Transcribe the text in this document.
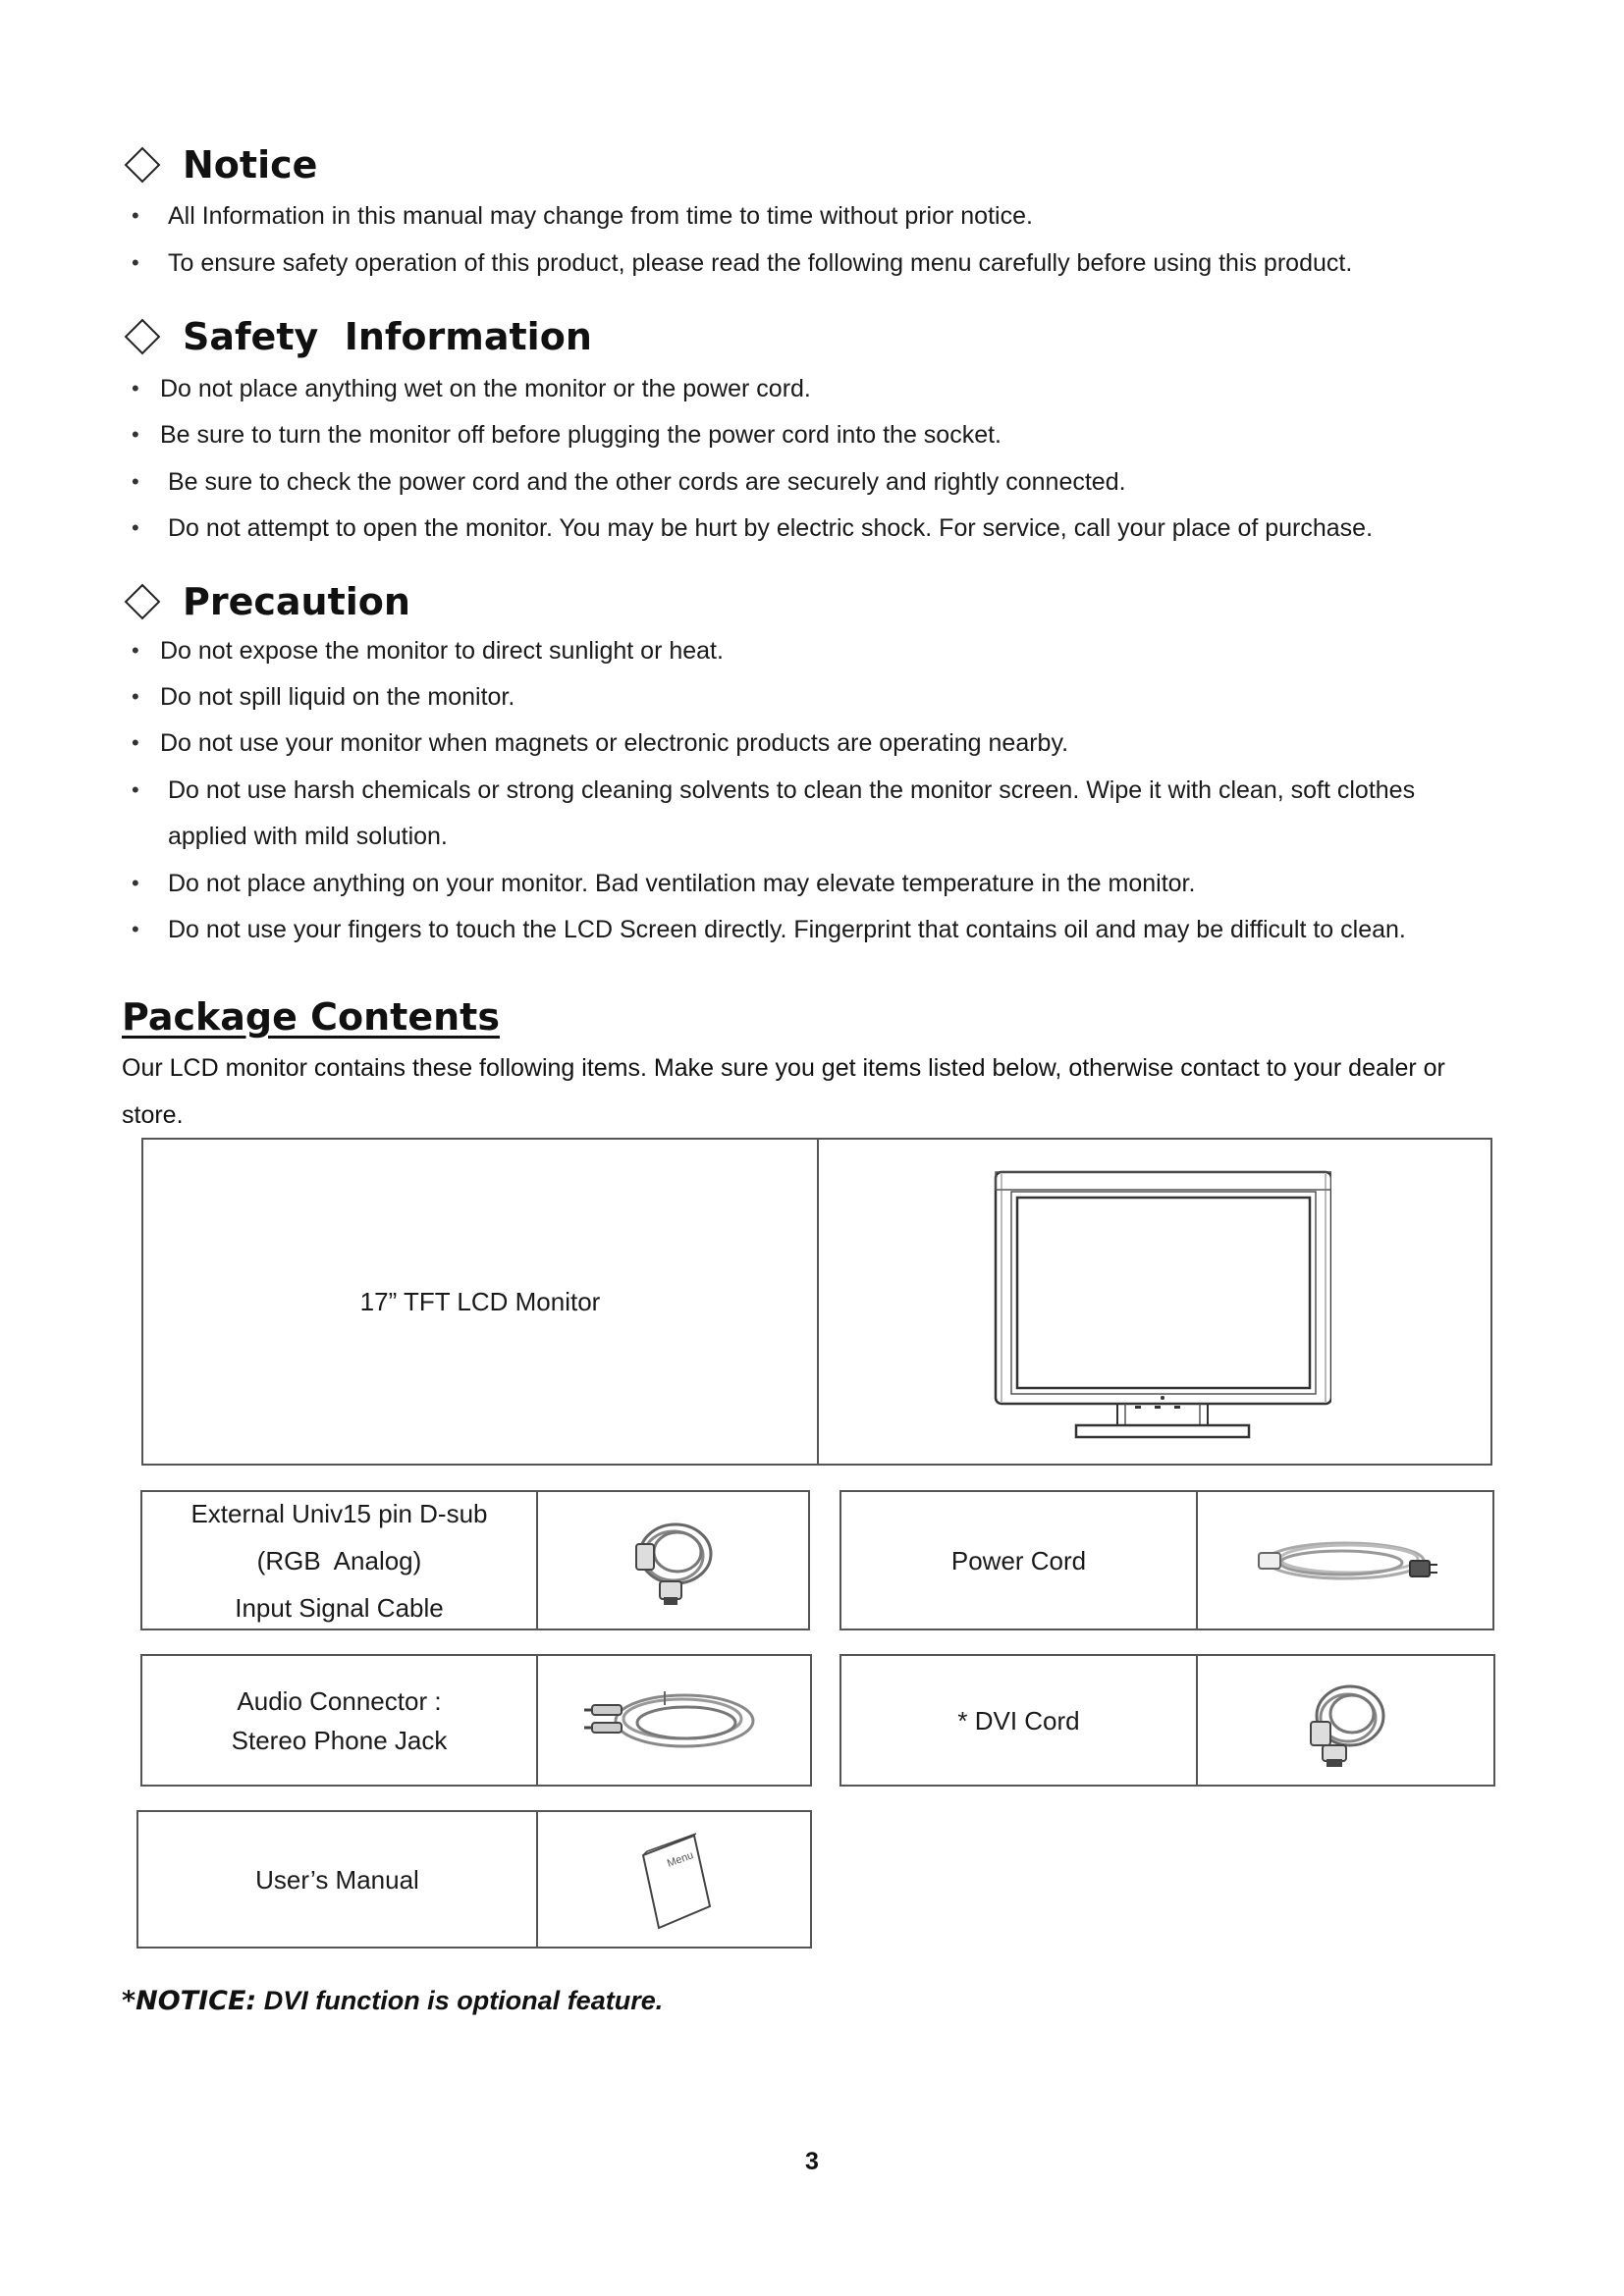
Notice
• All Information in this manual may change from time to time without prior notice.
• To ensure safety operation of this product, please read the following menu carefully before using this product.
Safety  Information
• Do not place anything wet on the monitor or the power cord.
• Be sure to turn the monitor off before plugging the power cord into the socket.
• Be sure to check the power cord and the other cords are securely and rightly connected.
• Do not attempt to open the monitor. You may be hurt by electric shock. For service, call your place of purchase.
Precaution
• Do not expose the monitor to direct sunlight or heat.
• Do not spill liquid on the monitor.
• Do not use your monitor when magnets or electronic products are operating nearby.
• Do not use harsh chemicals or strong cleaning solvents to clean the monitor screen. Wipe it with clean, soft clothes
applied with mild solution.
• Do not place anything on your monitor. Bad ventilation may elevate temperature in the monitor.
• Do not use your fingers to touch the LCD Screen directly. Fingerprint that contains oil and may be difficult to clean.
Package Contents
Our LCD monitor contains these following items. Make sure you get items listed below, otherwise contact to your dealer or
store.
17” TFT LCD Monitor
External Univ15 pin D-sub
(RGB  Analog)
Input Signal Cable
Power Cord
Audio Connector :
Stereo Phone Jack
* DVI Cord
User’s Manual
Menu
*NOTICE: DVI function is optional feature.
3
